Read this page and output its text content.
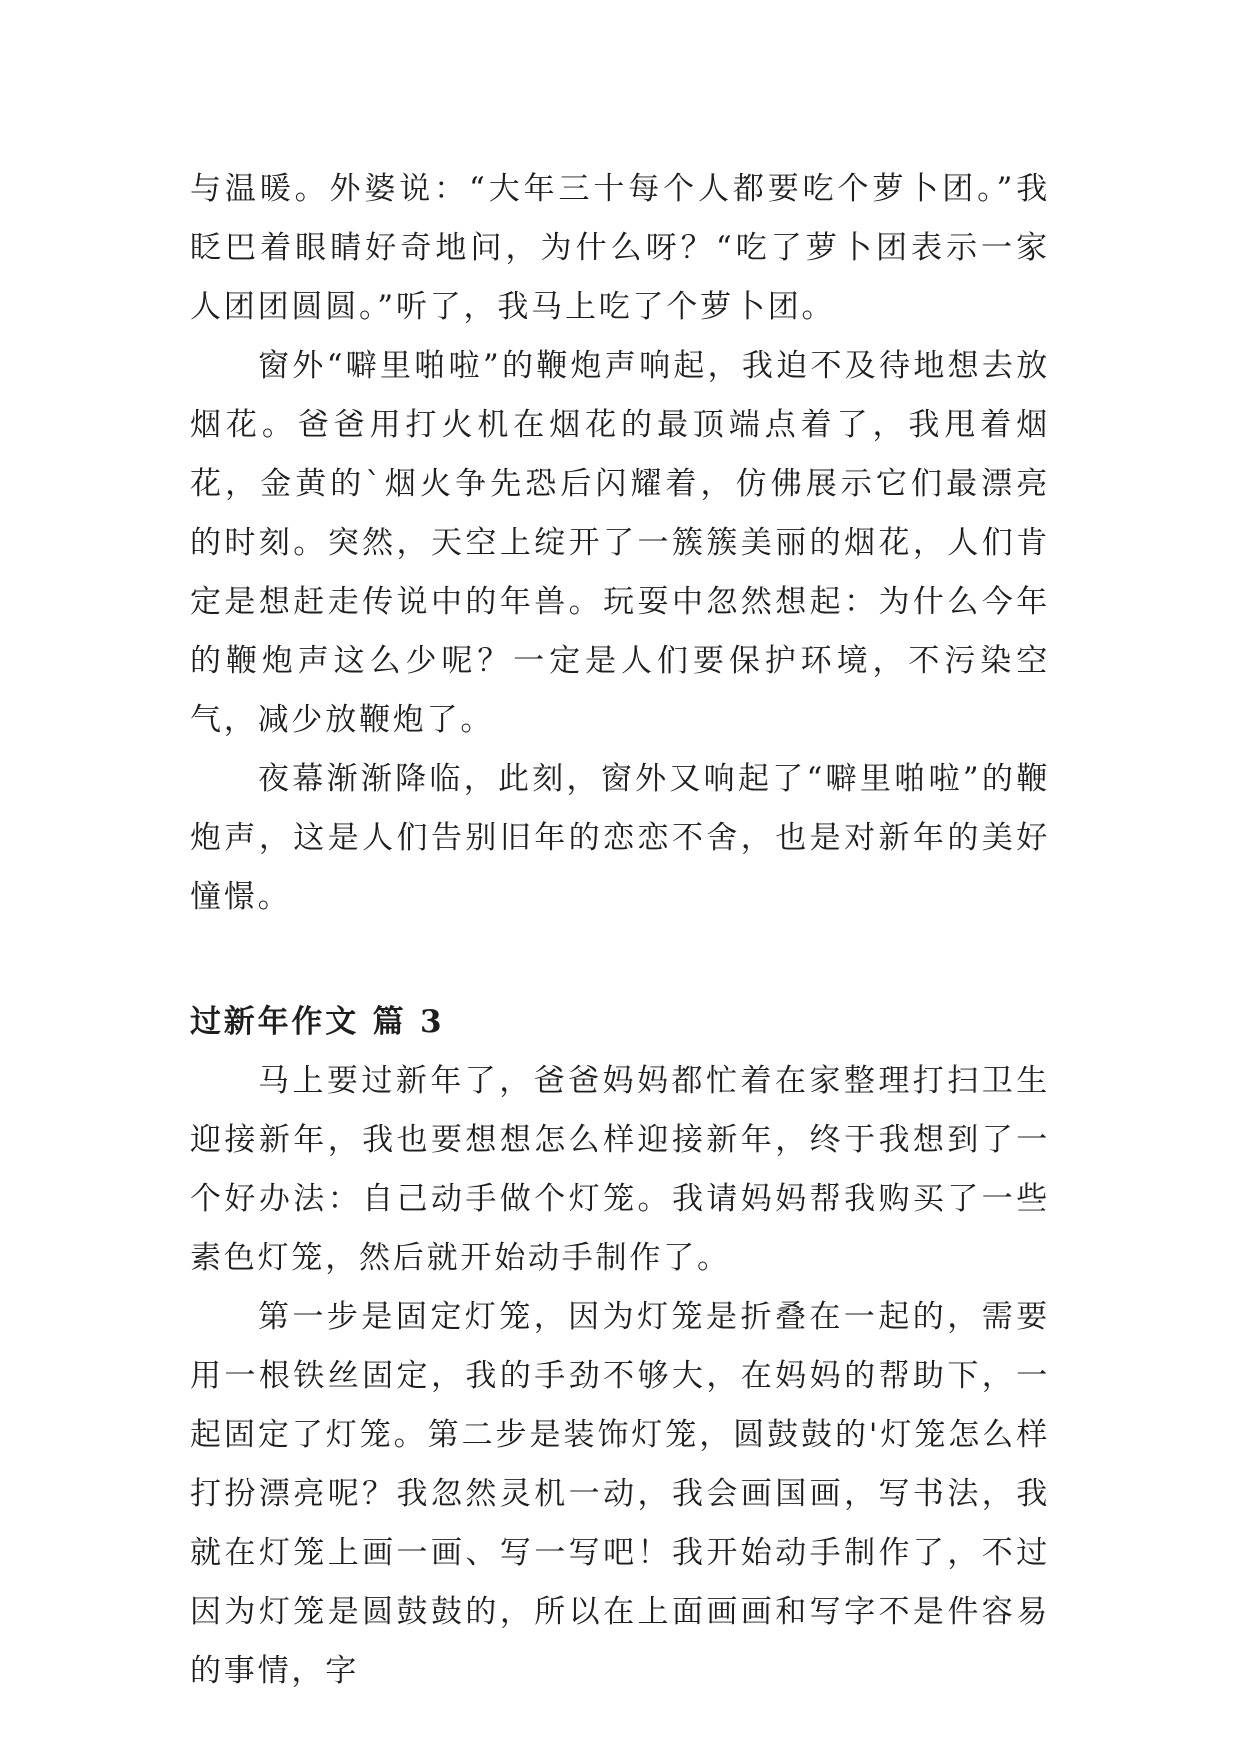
与温暖。外婆说：“大年三十每个人都要吃个萝卜团。”我眨巴着眼睛好奇地问，为什么呀？“吃了萝卜团表示一家人团团圆圆。”听了，我马上吃了个萝卜团。

窗外“噼里啪啦”的鞭炮声响起，我迫不及待地想去放烟花。爸爸用打火机在烟花的最顶端点着了，我甩着烟花，金黄的`烟火争先恐后闪耀着，仿佛展示它们最漂亮的时刻。突然，天空上绽开了一簇簇美丽的烟花，人们肯定是想赶走传说中的年兽。玩耍中忽然想起：为什么今年的鞭炮声这么少呢？一定是人们要保护环境，不污染空气，减少放鞭炮了。

夜幕渐渐降临，此刻，窗外又响起了“噼里啪啦”的鞭炮声，这是人们告别旧年的恋恋不舍，也是对新年的美好憧憬。

过新年作文 篇 3

马上要过新年了，爸爸妈妈都忙着在家整理打扫卫生迎接新年，我也要想想怎么样迎接新年，终于我想到了一个好办法：自己动手做个灯笼。我请妈妈帮我购买了一些素色灯笼，然后就开始动手制作了。

第一步是固定灯笼，因为灯笼是折叠在一起的，需要用一根铁丝固定，我的手劲不够大，在妈妈的帮助下，一起固定了灯笼。第二步是装饰灯笼，圆鼓鼓的'灯笼怎么样打扮漂亮呢？我忽然灵机一动，我会画国画，写书法，我就在灯笼上画一画、写一写吧！我开始动手制作了，不过因为灯笼是圆鼓鼓的，所以在上面画画和写字不是件容易的事情，字
